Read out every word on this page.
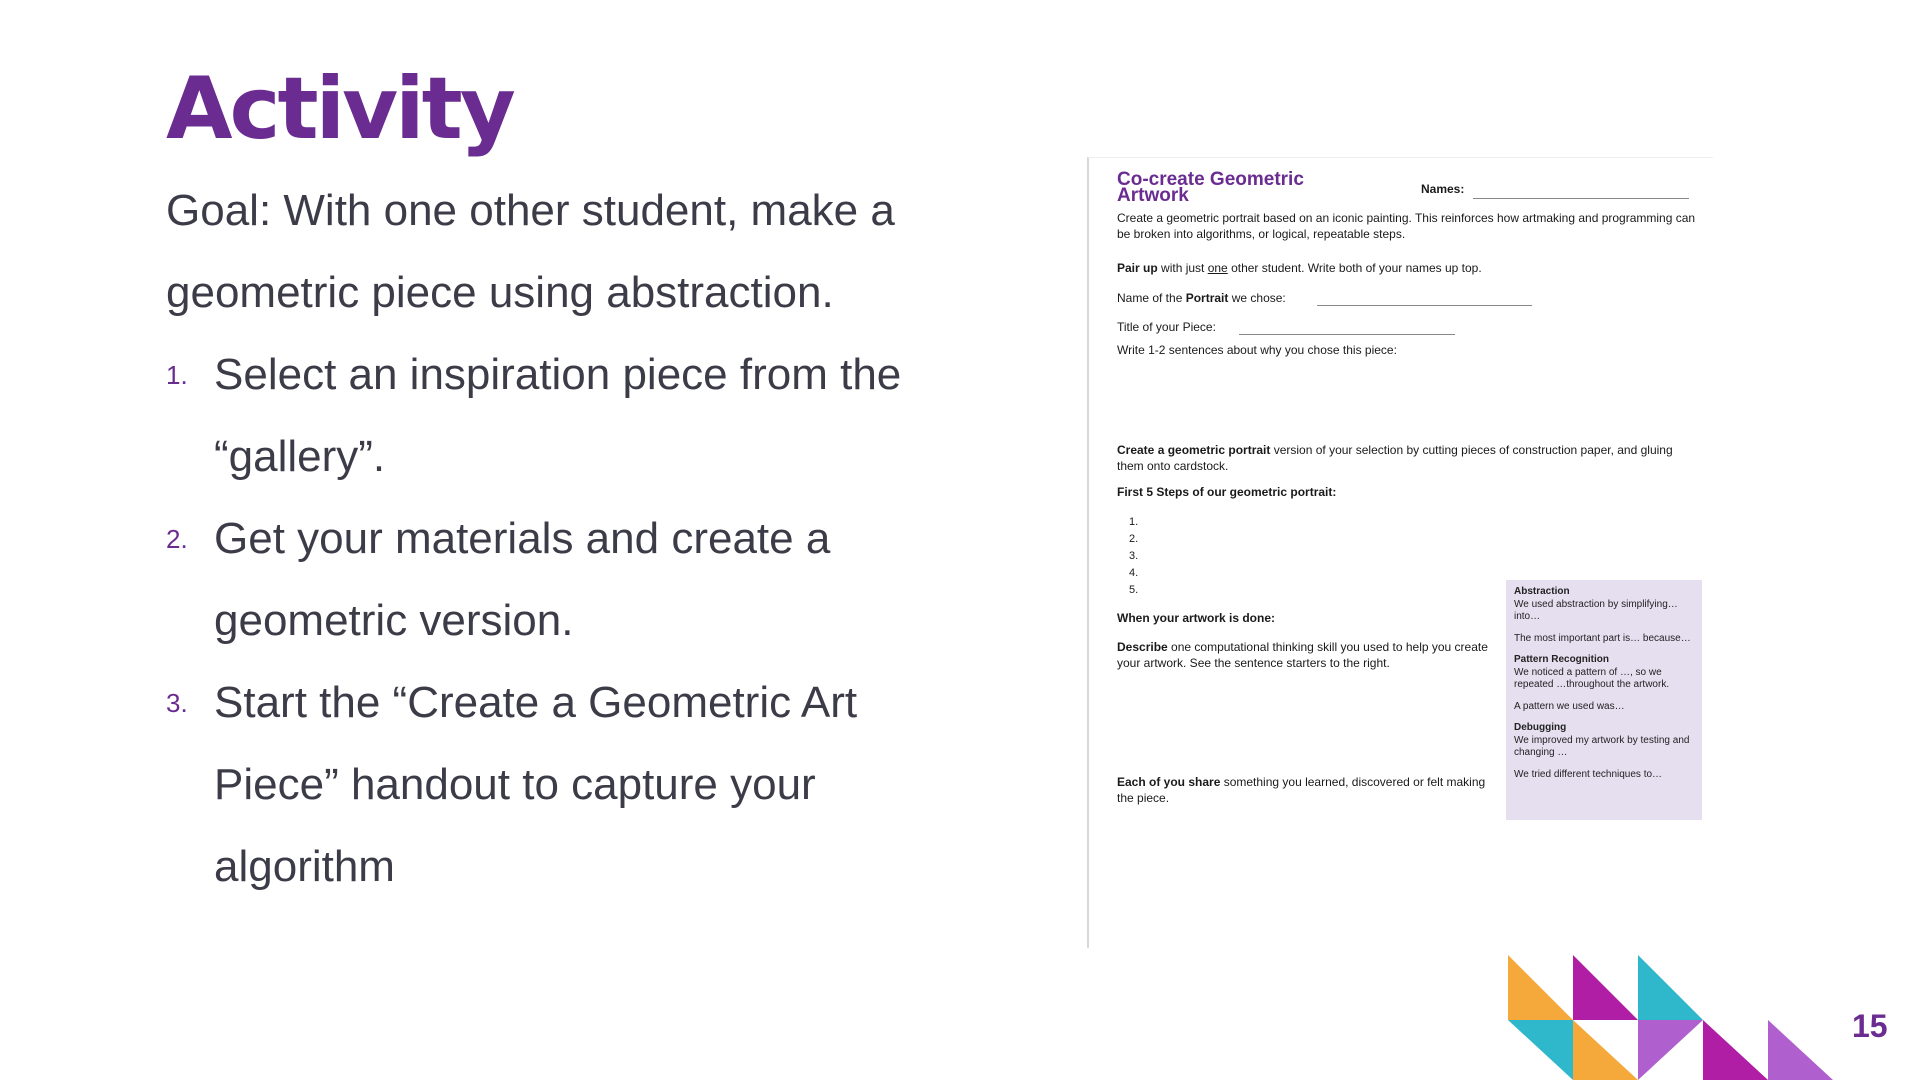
Activity

Goal: With one other student, make a geometric piece using abstraction.

1. Select an inspiration piece from the “gallery”.
2. Get your materials and create a geometric version.
3. Start the “Create a Geometric Art Piece” handout to capture your algorithm
Co-create Geometric Artwork	Names:

Create a geometric portrait based on an iconic painting. This reinforces how artmaking and programming can be broken into algorithms, or logical, repeatable steps.

Pair up with just one other student. Write both of your names up top.

Name of the Portrait we chose:

Title of your Piece:

Write 1-2 sentences about why you chose this piece:

Create a geometric portrait version of your selection by cutting pieces of construction paper, and gluing them onto cardstock.

First 5 Steps of our geometric portrait:

1.
2.
3.
4.
5.

When your artwork is done:

Describe one computational thinking skill you used to help you create your artwork. See the sentence starters to the right.

Each of you share something you learned, discovered or felt making the piece.

Abstraction
We used abstraction by simplifying… into…
The most important part is… because…
Pattern Recognition
We noticed a pattern of …, so we repeated …throughout the artwork.
A pattern we used was…
Debugging
We improved my artwork by testing and changing …
We tried different techniques to…
15
